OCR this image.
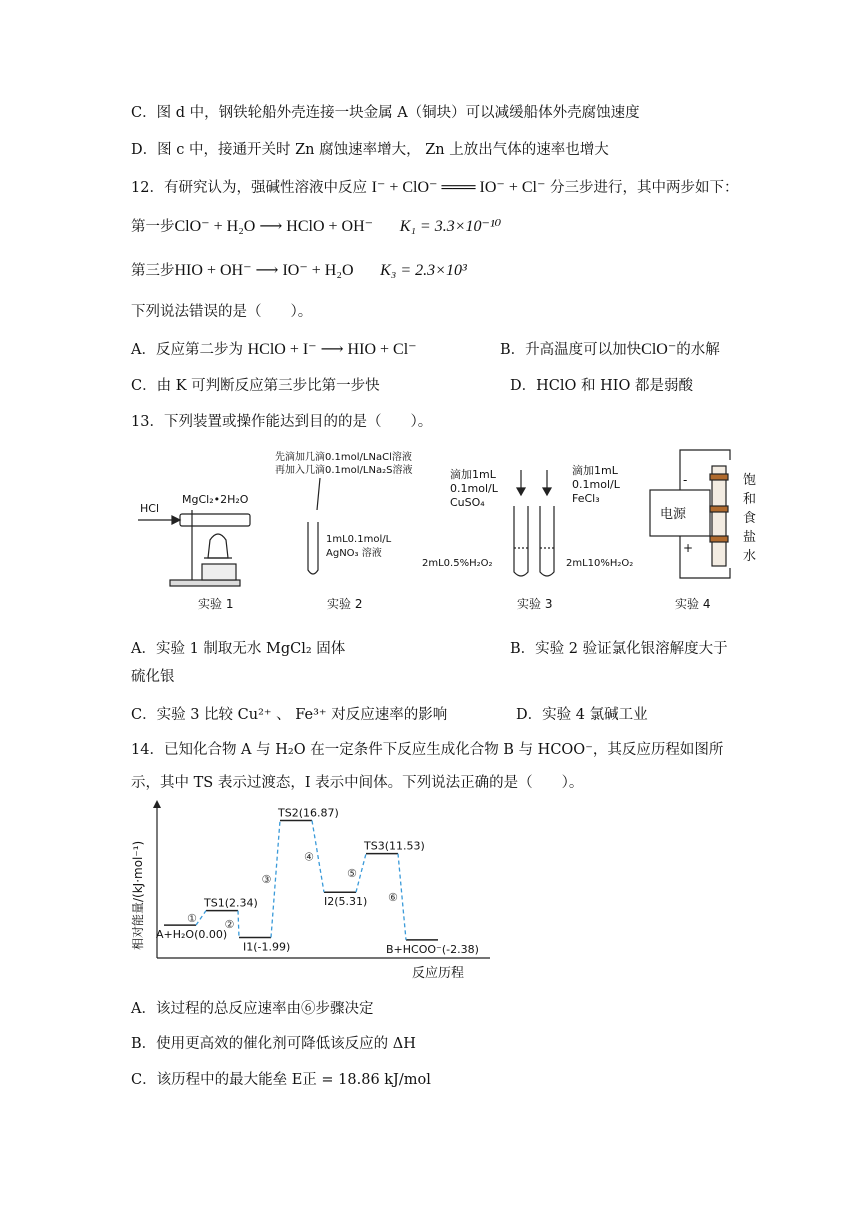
C．图 d 中，钢铁轮船外壳连接一块金属 A（铜块）可以减缓船体外壳腐蚀速度
D．图 c 中，接通开关时 Zn 腐蚀速率增大， Zn 上放出气体的速率也增大
12．有研究认为，强碱性溶液中反应 I⁻ + ClO⁻ ═══ IO⁻ + Cl⁻ 分三步进行，其中两步如下：
第一步ClO⁻ + H₂O ⟶ HClO + OH⁻ K₁ = 3.3×10⁻¹⁰
第三步HIO + OH⁻ ⟶ IO⁻ + H₂O K₃ = 2.3×10³
下列说法错误的是（　　）。
A．反应第二步为 HClO + I⁻ ⟶ HIO + Cl⁻	B．升高温度可以加快ClO⁻的水解
C．由 K 可判断反应第三步比第一步快	D．HClO 和 HIO 都是弱酸
13．下列装置或操作能达到目的的是（　　）。
HCl
MgCl₂•2H₂O
先滴加几滴0.1mol/LNaCl溶液
再加入几滴0.1mol/LNa₂S溶液
1mL0.1mol/L
AgNO₃ 溶液
滴加1mL
0.1mol/L
CuSO₄
滴加1mL
0.1mol/L
FeCl₃
2mL0.5%H₂O₂	2mL10%H₂O₂
电源
-
+
饱
和
食
盐
水
实验 1	实验 2	实验 3	实验 4
A．实验 1 制取无水 MgCl₂ 固体	B．实验 2 验证氯化银溶解度大于
硫化银
C．实验 3 比较 Cu²⁺ 、 Fe³⁺ 对反应速率的影响	D．实验 4 氯碱工业
14．已知化合物 A 与 H₂O 在一定条件下反应生成化合物 B 与 HCOO⁻，其反应历程如图所
示，其中 TS 表示过渡态，I 表示中间体。下列说法正确的是（　　）。
相对能量/(kJ·mol⁻¹)
反应历程
A+H₂O(0.00)
TS1(2.34)
①
I1(-1.99)
②
TS2(16.87)
③
I2(5.31)
④
TS3(11.53)
⑤
B+HCOO⁻(-2.38)
⑥
A．该过程的总反应速率由⑥步骤决定
B．使用更高效的催化剂可降低该反应的 ΔH
C．该历程中的最大能垒 E正 = 18.86 kJ/mol
